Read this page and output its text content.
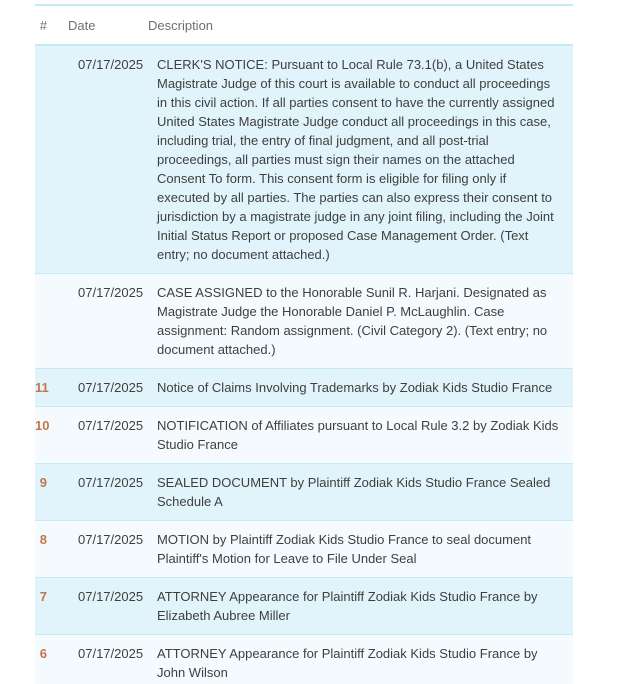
# Date	Description
07/17/2025	CLERK'S NOTICE: Pursuant to Local Rule 73.1(b), a United States Magistrate Judge of this court is available to conduct all proceedings in this civil action. If all parties consent to have the currently assigned United States Magistrate Judge conduct all proceedings in this case, including trial, the entry of final judgment, and all post-trial proceedings, all parties must sign their names on the attached Consent To form. This consent form is eligible for filing only if executed by all parties. The parties can also express their consent to jurisdiction by a magistrate judge in any joint filing, including the Joint Initial Status Report or proposed Case Management Order. (Text entry; no document attached.)
07/17/2025	CASE ASSIGNED to the Honorable Sunil R. Harjani. Designated as Magistrate Judge the Honorable Daniel P. McLaughlin. Case assignment: Random assignment. (Civil Category 2). (Text entry; no document attached.)
11 07/17/2025	Notice of Claims Involving Trademarks by Zodiak Kids Studio France
10 07/17/2025	NOTIFICATION of Affiliates pursuant to Local Rule 3.2 by Zodiak Kids Studio France
9 07/17/2025	SEALED DOCUMENT by Plaintiff Zodiak Kids Studio France Sealed Schedule A
8 07/17/2025	MOTION by Plaintiff Zodiak Kids Studio France to seal document Plaintiff's Motion for Leave to File Under Seal
7 07/17/2025	ATTORNEY Appearance for Plaintiff Zodiak Kids Studio France by Elizabeth Aubree Miller
6 07/17/2025	ATTORNEY Appearance for Plaintiff Zodiak Kids Studio France by John Wilson
